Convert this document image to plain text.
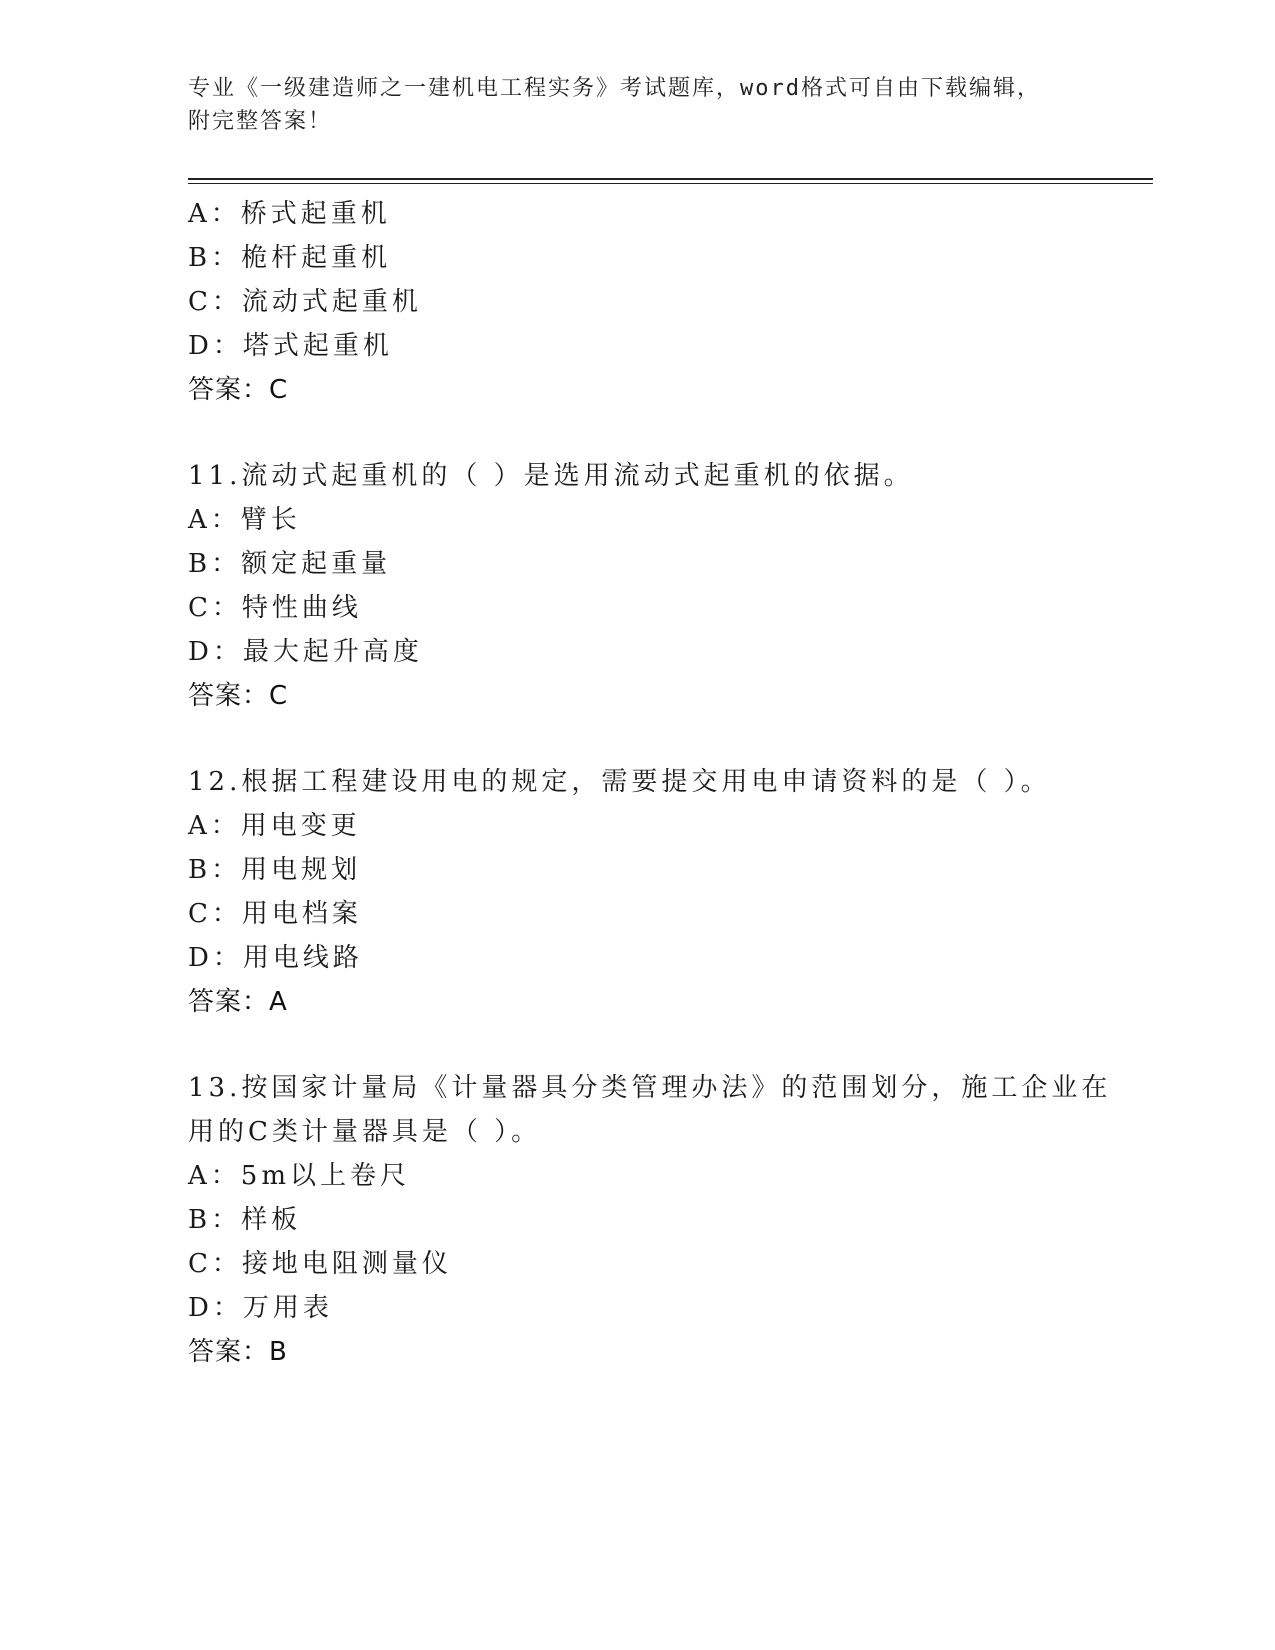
专业《一级建造师之一建机电工程实务》考试题库，word格式可自由下载编辑，
附完整答案！
A：桥式起重机
B：桅杆起重机
C：流动式起重机
D：塔式起重机
答案：C
11.流动式起重机的（ ）是选用流动式起重机的依据。
A：臂长
B：额定起重量
C：特性曲线
D：最大起升高度
答案：C
12.根据工程建设用电的规定，需要提交用电申请资料的是（ ）。
A：用电变更
B：用电规划
C：用电档案
D：用电线路
答案：A
13.按国家计量局《计量器具分类管理办法》的范围划分，施工企业在
用的C类计量器具是（ ）。
A：5m以上卷尺
B：样板
C：接地电阻测量仪
D：万用表
答案：B
